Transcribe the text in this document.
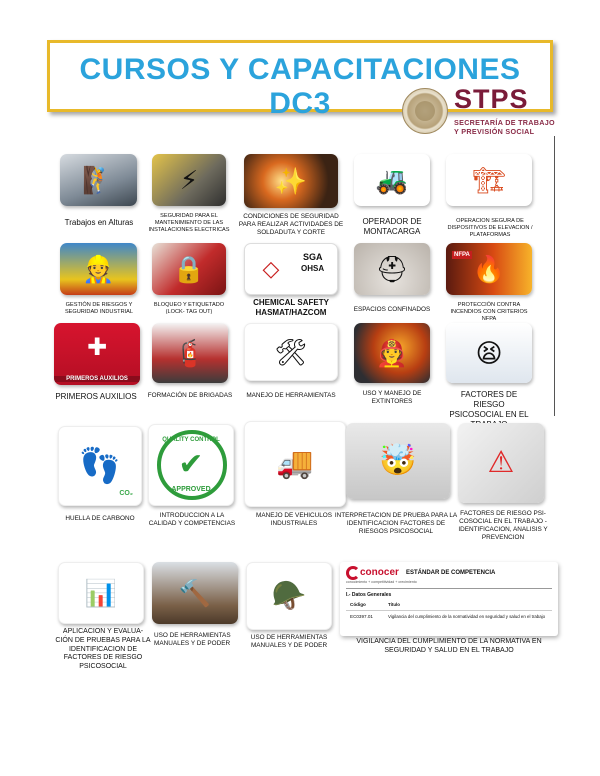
CURSOS Y CAPACITACIONES DC3	STPS
SECRETARÍA DE TRABAJO
Y PREVISIÓN SOCIAL
🧗
Trabajos en Alturas
⚡
SEGURIDAD PARA EL MANTENIMIENTO DE LAS INSTALACIONES ELECTRICAS
✨
CONDICIONES DE SEGURIDAD PARA REALIZAR ACTIVIDADES DE SOLDADUTA Y CORTE
🚜
OPERADOR DE MONTACARGA
🏗
OPERACION SEGURA DE DISPOSITIVOS DE ELEVACION / PLATAFORMAS
👷
GESTIÓN DE RIESGOS Y SEGURIDAD INDUSTRIAL
🔒
BLOQUEO Y ETIQUETADO (LOCK- TAG OUT)
◇	SGA
OHSA
CHEMICAL SAFETY HASMAT/HAZCOM
⛑
ESPACIOS CONFINADOS
NFPA 🔥
PROTECCIÓN CONTRA INCENDIOS CON CRITERIOS NFPA
✚
PRIMEROS AUXILIOS
PRIMEROS AUXILIOS
🧯
FORMACIÓN DE BRIGADAS
🛠
MANEJO DE HERRAMIENTAS
🧑‍🚒
USO Y MANEJO DE EXTINTORES
😫
FACTORES DE RIESGO PSICOSOCIAL EN EL
👣
CO₂
HUELLA DE CARBONO
QUALITY CONTROL
✔
APPROVED
INTRODUCCION A LA CALIDAD Y COMPETENCIAS
🚚
MANEJO DE VEHICULOS INDUSTRIALES
🤯
INTERPRETACION DE PRUEBA PARA LA IDENTIFICACION FACTORES DE RIESGOS PSICOSOCIAL
⚠
FACTORES DE RIESGO PSI- COSOCIAL EN EL TRABAJO - IDENTIFICACION, ANALISIS Y PREVENCION
📊
APLICACION Y EVALUA- CIÓN DE PRUEBAS PARA LA IDENTIFICACION DE FACTORES DE RIESGO PSICOSOCIAL
🔨
USO DE HERRAMIENTAS MANUALES Y DE PODER
🪖
USO DE HERRAMIENTAS MANUALES Y DE PODER
conocer
conocimiento + competitividad + crecimiento
ESTÁNDAR DE COMPETENCIA
I.- Datos Generales
Código	Título
EC0397.01	Vigilancia del cumplimiento de la normatividad en seguridad y salud en el trabajo
VIGILANCIA DEL CUMPLIMIENTO DE LA NORMATIVA EN SEGURIDAD Y SALUD EN EL TRABAJO
